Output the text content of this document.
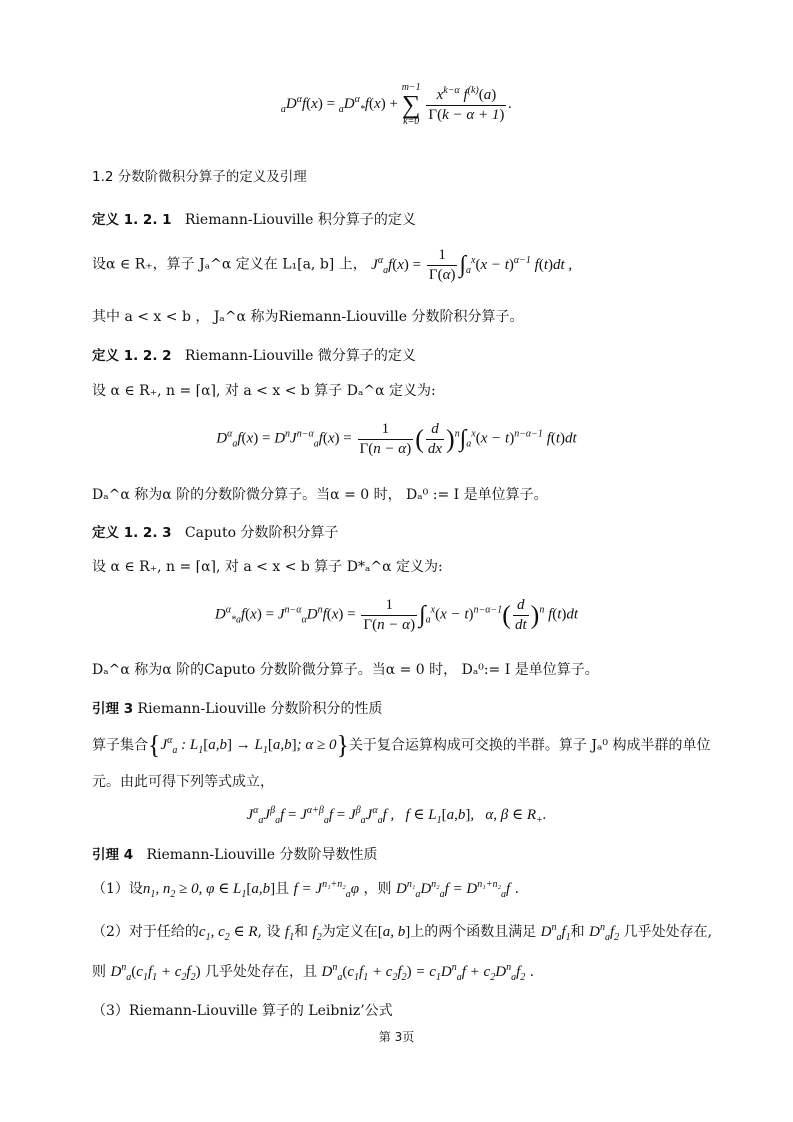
$_aD^\alpha f(x) = _aD^\alpha_*f(x) + m-1$
∑
$k=0 \frac{x^{k-\alpha} f^{(k)}(a)}{\Gamma(k - \alpha + 1)}$ .
1.2 分数阶微积分算子的定义及引理
定义 1. 2. 1 Riemann-Liouville 积分算子的定义
设α ∈ R₊，算子 Jₐ^α 定义在 L₁[a, b] 上， $J^\alpha_af(x) = \frac{1}{\Gamma(\alpha)} \int_a^x(x - t)^{\alpha-1}$ f(t)dt ,
其中 a < x < b ， Jₐ^α 称为Riemann-Liouville 分数阶积分算子。
定义 1. 2. 2 Riemann-Liouville 微分算子的定义
设 α ∈ R₊, n = ⌈α⌉, 对 a < x < b 算子 Dₐ^α 定义为:
$D^\alpha_af(x) = D^nJ^{n-\alpha}_af(x) = \frac{1}{\Gamma(n - \alpha)}$ ( $\frac{d}{dx} )^n\int_a^x(x - t)^{n-\alpha-1}$ f(t)dt
Dₐ^α 称为α 阶的分数阶微分算子。当α = 0 时， Dₐ⁰ := I 是单位算子。
定义 1. 2. 3 Caputo 分数阶积分算子
设 α ∈ R₊, n = ⌈α⌉, 对 a < x < b 算子 D*ₐ^α 定义为:
$D^\alpha_{*a}f(x) = J^{n-\alpha}_\alpha D^nf(x) = \frac{1}{\Gamma(n - \alpha)} \int_a^x(x - t)^{n-\alpha-1}( \frac{d}{dt} )^n$ f(t)dt
Dₐ^α 称为α 阶的Caputo 分数阶微分算子。当α = 0 时， Dₐ⁰:= I 是单位算子。
引理 3 Riemann-Liouville 分数阶积分的性质
算子集合{$J^\alpha_a$ : $L_1[a,b] \to L_1[a,b]$; α ≥ 0}关于复合运算构成可交换的半群。算子 Jₐ⁰ 构成半群的单位
元。由此可得下列等式成立，
$J^\alpha_aJ^\beta_af = J^{\alpha+\beta}_af = J^\beta_aJ^\alpha_af$ ,   f ∈ $L_1[a,b]$,   α, β ∈ $R_+$.
引理 4 Riemann-Liouville 分数阶导数性质
（1）设$n_1$, $n_2 \ge 0$, φ ∈ $L_1[a,b]$且 $f = J^{n_1+n_2}_a\varphi$ ，则 $D^{n_1}_aD^{n_2}_af = D^{n_1+n_2}_af$ .
（2）对于任给的$c_1$, $c_2$ ∈ R, 设 $f_1$和 $f_2$为定义在[a, b]上的两个函数且满足 $D^n_af_1$和 $D^n_af_2$ 几乎处处存在,
则 $D^n_a(c_1f_1 + c_2f_2)$ 几乎处处存在，且 $D^n_a(c_1f_1 + c_2f_2) = c_1D^n_af + c_2D^n_af_2$ .
（3）Riemann-Liouville 算子的 Leibniz’公式
第 3页
